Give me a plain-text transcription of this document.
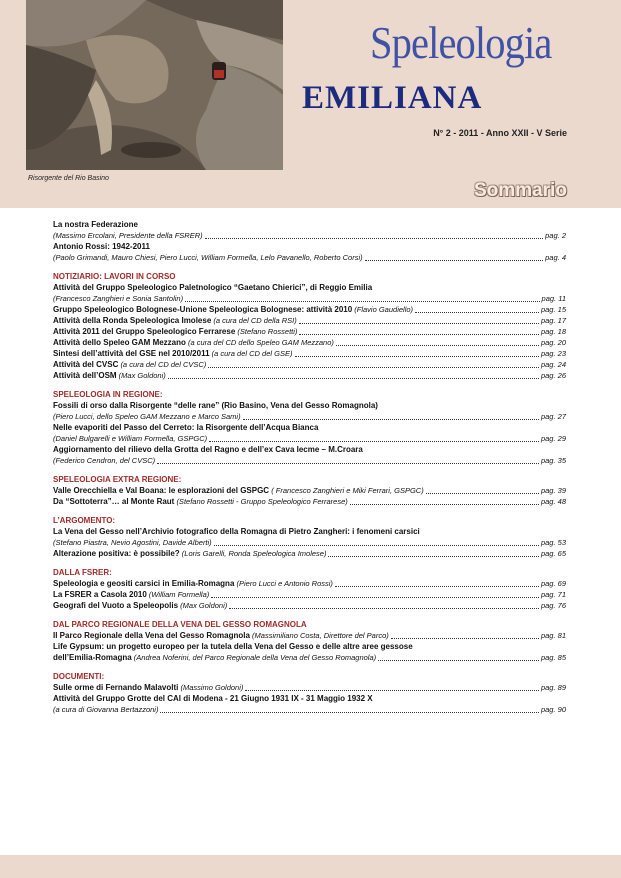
Risorgente del Rio Basino
Speleologia
EMILIANA
N° 2 - 2011 - Anno XXII - V Serie
Sommario
La nostra Federazione
(Massimo Ercolani, Presidente della FSRER)	pag. 2
Antonio Rossi: 1942-2011
(Paolo Grimandi, Mauro Chiesi, Piero Lucci, William Formella, Lelo Pavanello, Roberto Corsi)	pag. 4
NOTIZIARIO: LAVORI IN CORSO
Attività del Gruppo Speleologico Paletnologico “Gaetano Chierici”, di Reggio Emilia
(Francesco Zanghieri e Sonia Santolin)	pag. 11
Gruppo Speleologico Bolognese-Unione Speleologica Bolognese: attività 2010 (Flavio Gaudiello)	pag. 15
Attività della Ronda Speleologica Imolese (a cura del CD della RSI)	pag. 17
Attività 2011 del Gruppo Speleologico Ferrarese (Stefano Rossetti)	pag. 18
Attività dello Speleo GAM Mezzano (a cura del CD dello Speleo GAM Mezzano)	pag. 20
Sintesi dell’attività del GSE nel 2010/2011 (a cura del CD del GSE)	pag. 23
Attività del CVSC (a cura del CD del CVSC)	pag. 24
Attività dell’OSM (Max Goldoni)	pag. 26
SPELEOLOGIA IN REGIONE:
Fossili di orso dalla Risorgente “delle rane” (Rio Basino, Vena del Gesso Romagnola)
(Piero Lucci, dello Speleo GAM Mezzano e Marco Sami)	pag. 27
Nelle evaporiti del Passo del Cerreto: la Risorgente dell’Acqua Bianca
(Daniel Bulgarelli e William Formella, GSPGC)	pag. 29
Aggiornamento del rilievo della Grotta del Ragno e dell’ex Cava Iecme – M.Croara
(Federico Cendron, del CVSC)	pag. 35
SPELEOLOGIA EXTRA REGIONE:
Valle Orecchiella e Val Boana: le esplorazioni del GSPGC ( Francesco Zanghieri e Miki Ferrari, GSPGC)	pag. 39
Da “Sottoterra”… al Monte Raut (Stefano Rossetti - Gruppo Speleologico Ferrarese)	pag. 48
L’ARGOMENTO:
La Vena del Gesso nell’Archivio fotografico della Romagna di Pietro Zangheri: i fenomeni carsici
(Stefano Piastra, Nevio Agostini, Davide Alberti)	pag. 53
Alterazione positiva: è possibile? (Loris Garelli, Ronda Speleologica Imolese)	pag. 65
DALLA FSRER:
Speleologia e geositi carsici in Emilia-Romagna (Piero Lucci e Antonio Rossi)	pag. 69
La FSRER a Casola 2010 (William Formella)	pag. 71
Geografi del Vuoto a Speleopolis (Max Goldoni)	pag. 76
DAL PARCO REGIONALE DELLA VENA DEL GESSO ROMAGNOLA
Il Parco Regionale della Vena del Gesso Romagnola (Massimiliano Costa, Direttore del Parco)	pag. 81
Life Gypsum: un progetto europeo per la tutela della Vena del Gesso e delle altre aree gessose
dell’Emilia-Romagna (Andrea Noferini, del Parco Regionale della Vena del Gesso Romagnola)	pag. 85
DOCUMENTI:
Sulle orme di Fernando Malavolti (Massimo Goldoni)	pag. 89
Attività del Gruppo Grotte del CAI di Modena - 21 Giugno 1931 IX - 31 Maggio 1932 X
(a cura di Giovanna Bertazzoni)	pag. 90
